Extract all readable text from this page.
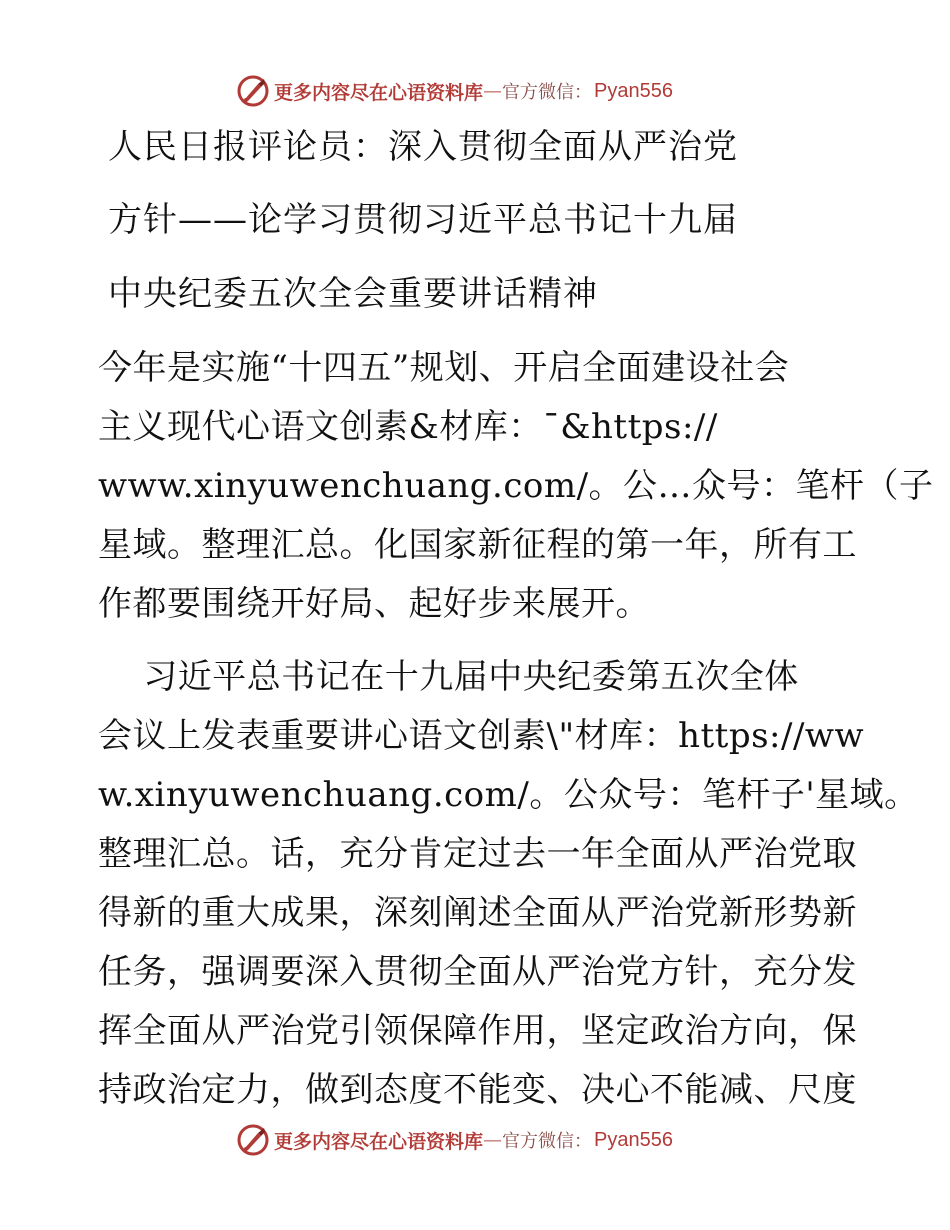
更多内容尽在心语资料库 — 官方微信： Pyan556
人民日报评论员：深入贯彻全面从严治党
方针——论学习贯彻习近平总书记十九届
中央纪委五次全会重要讲话精神
今年是实施“十四五”规划、开启全面建设社会
主义现代心语文创素&材库：¯&https://
www.xinyuwenchuang.com/。公…众号：笔杆（子
星域。整理汇总。化国家新征程的第一年，所有工
作都要围绕开好局、起好步来展开。
习近平总书记在十九届中央纪委第五次全体
会议上发表重要讲心语文创素\"材库：https://ww
w.xinyuwenchuang.com/。公众号：笔杆子'星域。
整理汇总。话，充分肯定过去一年全面从严治党取
得新的重大成果，深刻阐述全面从严治党新形势新
任务，强调要深入贯彻全面从严治党方针，充分发
挥全面从严治党引领保障作用，坚定政治方向，保
持政治定力，做到态度不能变、决心不能减、尺度
更多内容尽在心语资料库 — 官方微信： Pyan556
